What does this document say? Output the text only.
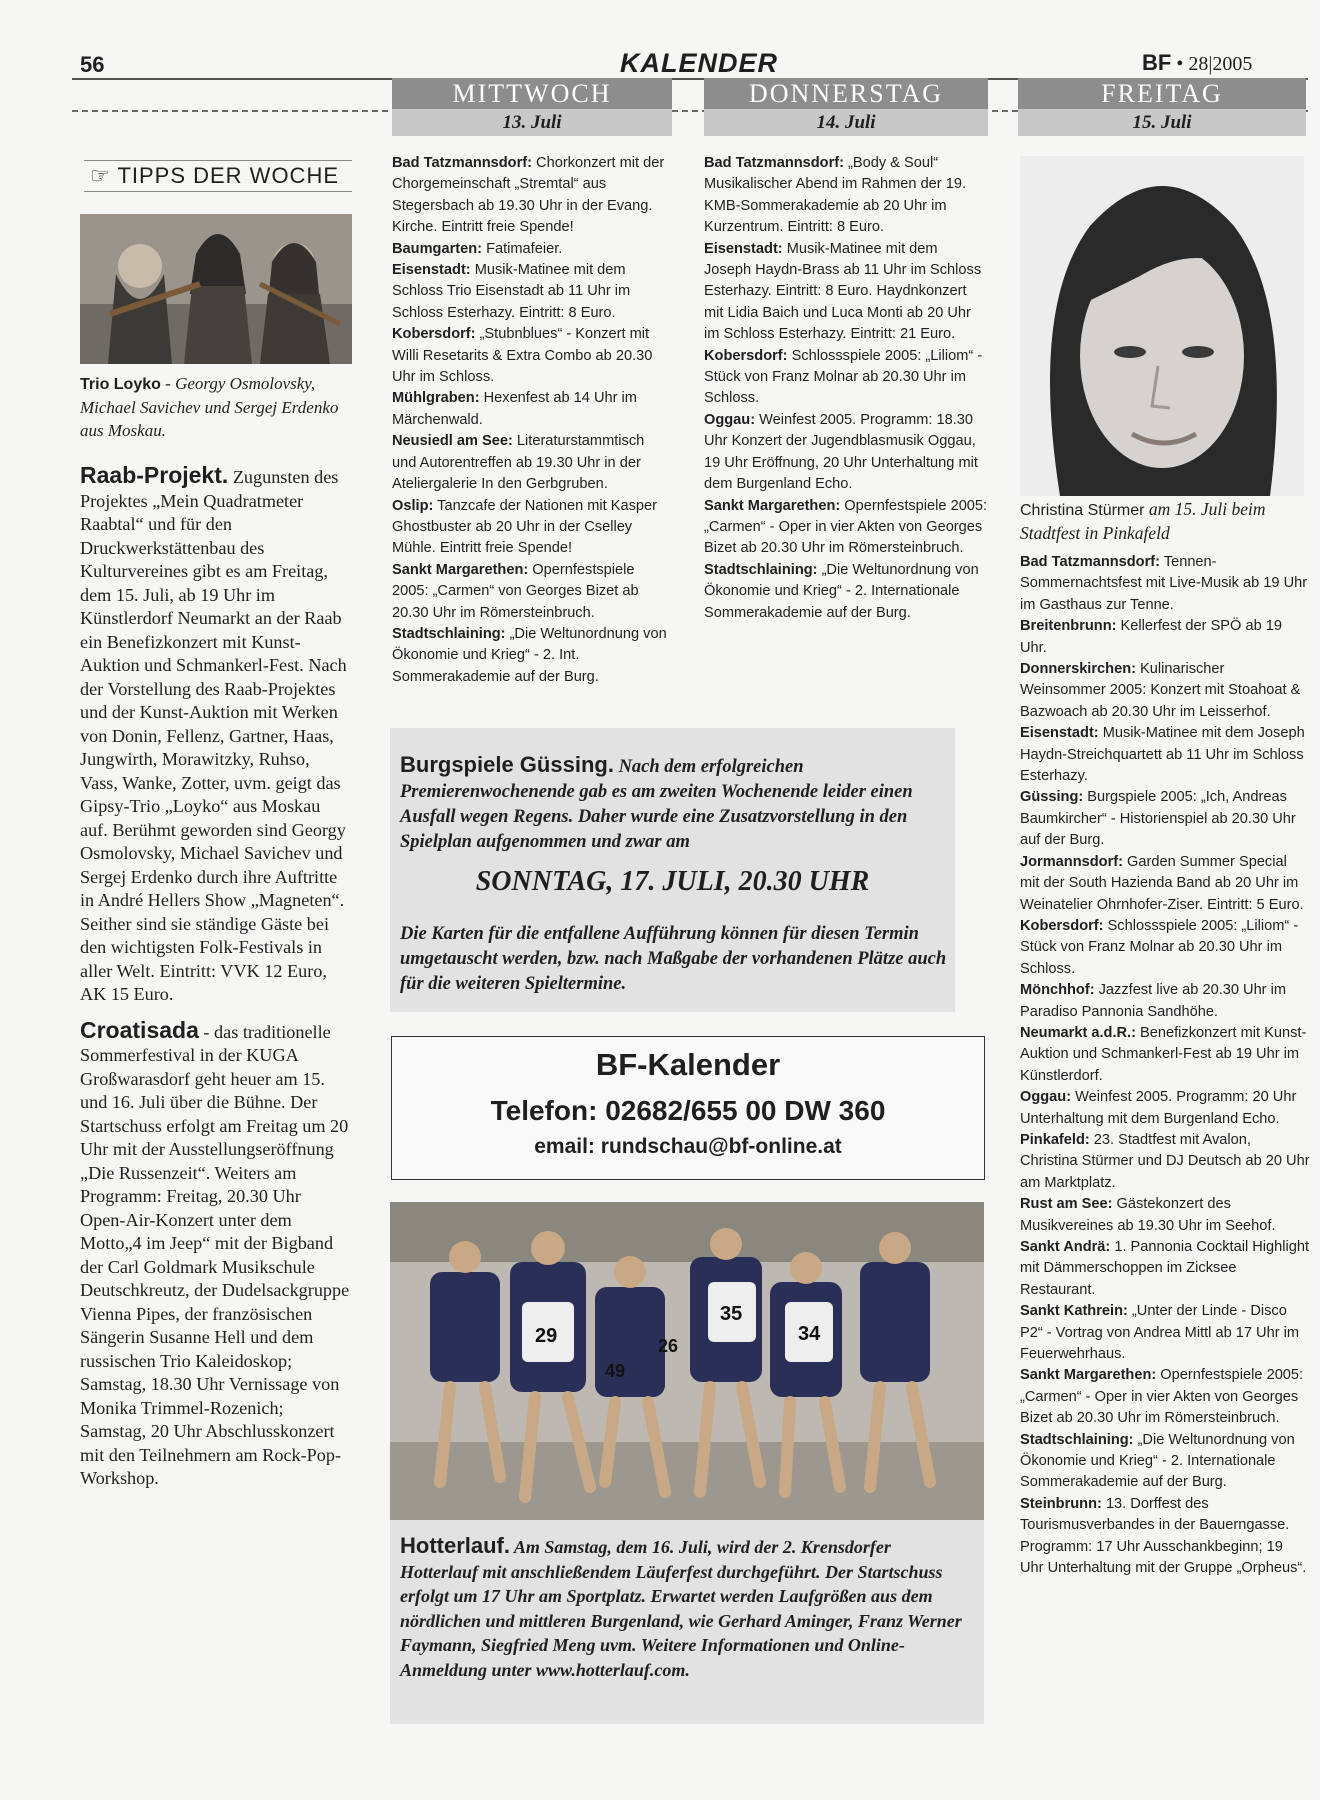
56	KALENDER	BF • 28|2005
MITTWOCH
13. Juli
DONNERSTAG
14. Juli
FREITAG
15. Juli
☞ TIPPS DER WOCHE
Trio Loyko - Georgy Osmolovsky, Michael Savichev und Sergej Erdenko aus Moskau.

Raab-Projekt. Zugunsten des Projektes „Mein Quadratmeter Raabtal“ und für den Druckwerkstättenbau des Kulturvereines gibt es am Freitag, dem 15. Juli, ab 19 Uhr im Künstlerdorf Neumarkt an der Raab ein Benefizkonzert mit Kunst-Auktion und Schmankerl-Fest. Nach der Vorstellung des Raab-Projektes und der Kunst-Auktion mit Werken von Donin, Fellenz, Gartner, Haas, Jungwirth, Morawitzky, Ruhso, Vass, Wanke, Zotter, uvm. geigt das Gipsy-Trio „Loyko“ aus Moskau auf. Berühmt geworden sind Georgy Osmolovsky, Michael Savichev und Sergej Erdenko durch ihre Auftritte in André Hellers Show „Magneten“. Seither sind sie ständige Gäste bei den wichtigsten Folk-Festivals in aller Welt. Eintritt: VVK 12 Euro, AK 15 Euro.

Croatisada - das traditionelle Sommerfestival in der KUGA Großwarasdorf geht heuer am 15. und 16. Juli über die Bühne. Der Startschuss erfolgt am Freitag um 20 Uhr mit der Ausstellungseröffnung „Die Russenzeit“. Weiters am Programm: Freitag, 20.30 Uhr Open-Air-Konzert unter dem Motto„4 im Jeep“ mit der Bigband der Carl Goldmark Musikschule Deutschkreutz, der Dudelsackgruppe Vienna Pipes, der französischen Sängerin Susanne Hell und dem russischen Trio Kaleidoskop; Samstag, 18.30 Uhr Vernissage von Monika Trimmel-Rozenich; Samstag, 20 Uhr Abschlusskonzert mit den Teilnehmern am Rock-Pop-Workshop.

Bad Tatzmannsdorf: Chorkonzert mit der Chorgemeinschaft „Stremtal“ aus Stegersbach ab 19.30 Uhr in der Evang. Kirche. Eintritt freie Spende!

Baumgarten: Fatimafeier.

Eisenstadt: Musik-Matinee mit dem Schloss Trio Eisenstadt ab 11 Uhr im Schloss Esterhazy. Eintritt: 8 Euro.

Kobersdorf: „Stubnblues“ - Konzert mit Willi Resetarits & Extra Combo ab 20.30 Uhr im Schloss.

Mühlgraben: Hexenfest ab 14 Uhr im Märchenwald.

Neusiedl am See: Literaturstammtisch und Autorentreffen ab 19.30 Uhr in der Ateliergalerie In den Gerbgruben.

Oslip: Tanzcafe der Nationen mit Kasper Ghostbuster ab 20 Uhr in der Cselley Mühle. Eintritt freie Spende!

Sankt Margarethen: Opernfestspiele 2005: „Carmen“ von Georges Bizet ab 20.30 Uhr im Römersteinbruch.

Stadtschlaining: „Die Weltunordnung von Ökonomie und Krieg“ - 2. Int. Sommerakademie auf der Burg.

Bad Tatzmannsdorf: „Body & Soul“ Musikalischer Abend im Rahmen der 19. KMB-Sommerakademie ab 20 Uhr im Kurzentrum. Eintritt: 8 Euro.

Eisenstadt: Musik-Matinee mit dem Joseph Haydn-Brass ab 11 Uhr im Schloss Esterhazy. Eintritt: 8 Euro. Haydnkonzert mit Lidia Baich und Luca Monti ab 20 Uhr im Schloss Esterhazy. Eintritt: 21 Euro.

Kobersdorf: Schlossspiele 2005: „Liliom“ - Stück von Franz Molnar ab 20.30 Uhr im Schloss.

Oggau: Weinfest 2005. Programm: 18.30 Uhr Konzert der Jugendblasmusik Oggau, 19 Uhr Eröffnung, 20 Uhr Unterhaltung mit dem Burgenland Echo.

Sankt Margarethen: Opernfestspiele 2005: „Carmen“ - Oper in vier Akten von Georges Bizet ab 20.30 Uhr im Römersteinbruch.

Stadtschlaining: „Die Weltunordnung von Ökonomie und Krieg“ - 2. Internationale Sommerakademie auf der Burg.

Christina Stürmer am 15. Juli beim Stadtfest in Pinkafeld

Bad Tatzmannsdorf: Tennen-Sommernachtsfest mit Live-Musik ab 19 Uhr im Gasthaus zur Tenne.

Breitenbrunn: Kellerfest der SPÖ ab 19 Uhr.

Donnerskirchen: Kulinarischer Weinsommer 2005: Konzert mit Stoahoat & Bazwoach ab 20.30 Uhr im Leisserhof.

Eisenstadt: Musik-Matinee mit dem Joseph Haydn-Streichquartett ab 11 Uhr im Schloss Esterhazy.

Güssing: Burgspiele 2005: „Ich, Andreas Baumkircher“ - Historienspiel ab 20.30 Uhr auf der Burg.

Jormannsdorf: Garden Summer Special mit der South Hazienda Band ab 20 Uhr im Weinatelier Ohrnhofer-Ziser. Eintritt: 5 Euro.

Kobersdorf: Schlossspiele 2005: „Liliom“ - Stück von Franz Molnar ab 20.30 Uhr im Schloss.

Mönchhof: Jazzfest live ab 20.30 Uhr im Paradiso Pannonia Sandhöhe.

Neumarkt a.d.R.: Benefizkonzert mit Kunst-Auktion und Schmankerl-Fest ab 19 Uhr im Künstlerdorf.

Oggau: Weinfest 2005. Programm: 20 Uhr Unterhaltung mit dem Burgenland Echo.

Pinkafeld: 23. Stadtfest mit Avalon, Christina Stürmer und DJ Deutsch ab 20 Uhr am Marktplatz.

Rust am See: Gästekonzert des Musikvereines ab 19.30 Uhr im Seehof.

Sankt Andrä: 1. Pannonia Cocktail Highlight mit Dämmerschoppen im Zicksee Restaurant.

Sankt Kathrein: „Unter der Linde - Disco P2“ - Vortrag von Andrea Mittl ab 17 Uhr im Feuerwehrhaus.

Sankt Margarethen: Opernfestspiele 2005: „Carmen“ - Oper in vier Akten von Georges Bizet ab 20.30 Uhr im Römersteinbruch.

Stadtschlaining: „Die Weltunordnung von Ökonomie und Krieg“ - 2. Internationale Sommerakademie auf der Burg.

Steinbrunn: 13. Dorffest des Tourismusverbandes in der Bauerngasse. Programm: 17 Uhr Ausschankbeginn; 19 Uhr Unterhaltung mit der Gruppe „Orpheus“.

Burgspiele Güssing. Nach dem erfolgreichen Premierenwochenende gab es am zweiten Wochenende leider einen Ausfall wegen Regens. Daher wurde eine Zusatzvorstellung in den Spielplan aufgenommen und zwar am
SONNTAG, 17. JULI, 20.30 UHR
Die Karten für die entfallene Aufführung können für diesen Termin umgetauscht werden, bzw. nach Maßgabe der vorhandenen Plätze auch für die weiteren Spieltermine.
BF-Kalender
Telefon: 02682/655 00 DW 360
email: rundschau@bf-online.at
29
49
26
35
34
Hotterlauf. Am Samstag, dem 16. Juli, wird der 2. Krensdorfer Hotterlauf mit anschließendem Läuferfest durchgeführt. Der Startschuss erfolgt um 17 Uhr am Sportplatz. Erwartet werden Laufgrößen aus dem nördlichen und mittleren Burgenland, wie Gerhard Aminger, Franz Werner Faymann, Siegfried Meng uvm. Weitere Informationen und Online-Anmeldung unter www.hotterlauf.com.
